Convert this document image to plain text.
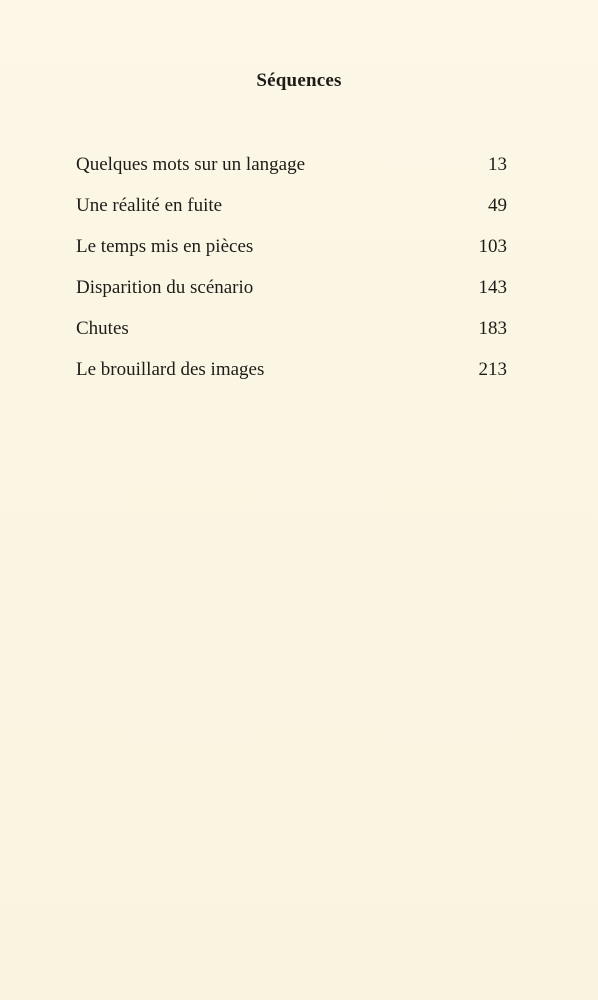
Séquences
Quelques mots sur un langage	13
Une réalité en fuite	49
Le temps mis en pièces	103
Disparition du scénario	143
Chutes	183
Le brouillard des images	213
